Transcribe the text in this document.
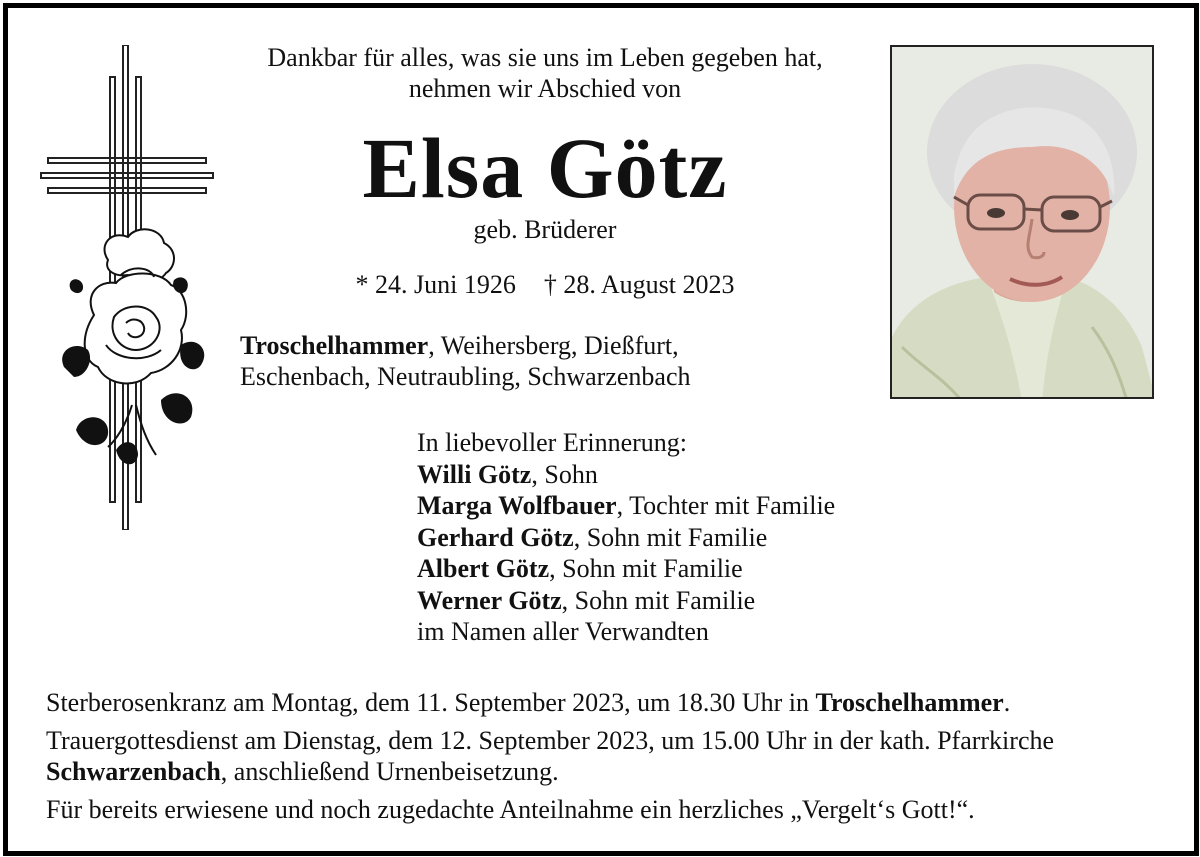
Dankbar für alles, was sie uns im Leben gegeben hat,
nehmen wir Abschied von
Elsa Götz
geb. Brüderer
* 24. Juni 1926 † 28. August 2023
Troschelhammer, Weihersberg, Dießfurt,
Eschenbach, Neutraubling, Schwarzenbach
In liebevoller Erinnerung:
Willi Götz, Sohn
Marga Wolfbauer, Tochter mit Familie
Gerhard Götz, Sohn mit Familie
Albert Götz, Sohn mit Familie
Werner Götz, Sohn mit Familie
im Namen aller Verwandten

Sterberosenkranz am Montag, dem 11. September 2023, um 18.30 Uhr in Troschelhammer.

Trauergottesdienst am Dienstag, dem 12. September 2023, um 15.00 Uhr in der kath. Pfarrkirche
Schwarzenbach, anschließend Urnenbeisetzung.

Für bereits erwiesene und noch zugedachte Anteilnahme ein herzliches „Vergelt‘s Gott!“.
